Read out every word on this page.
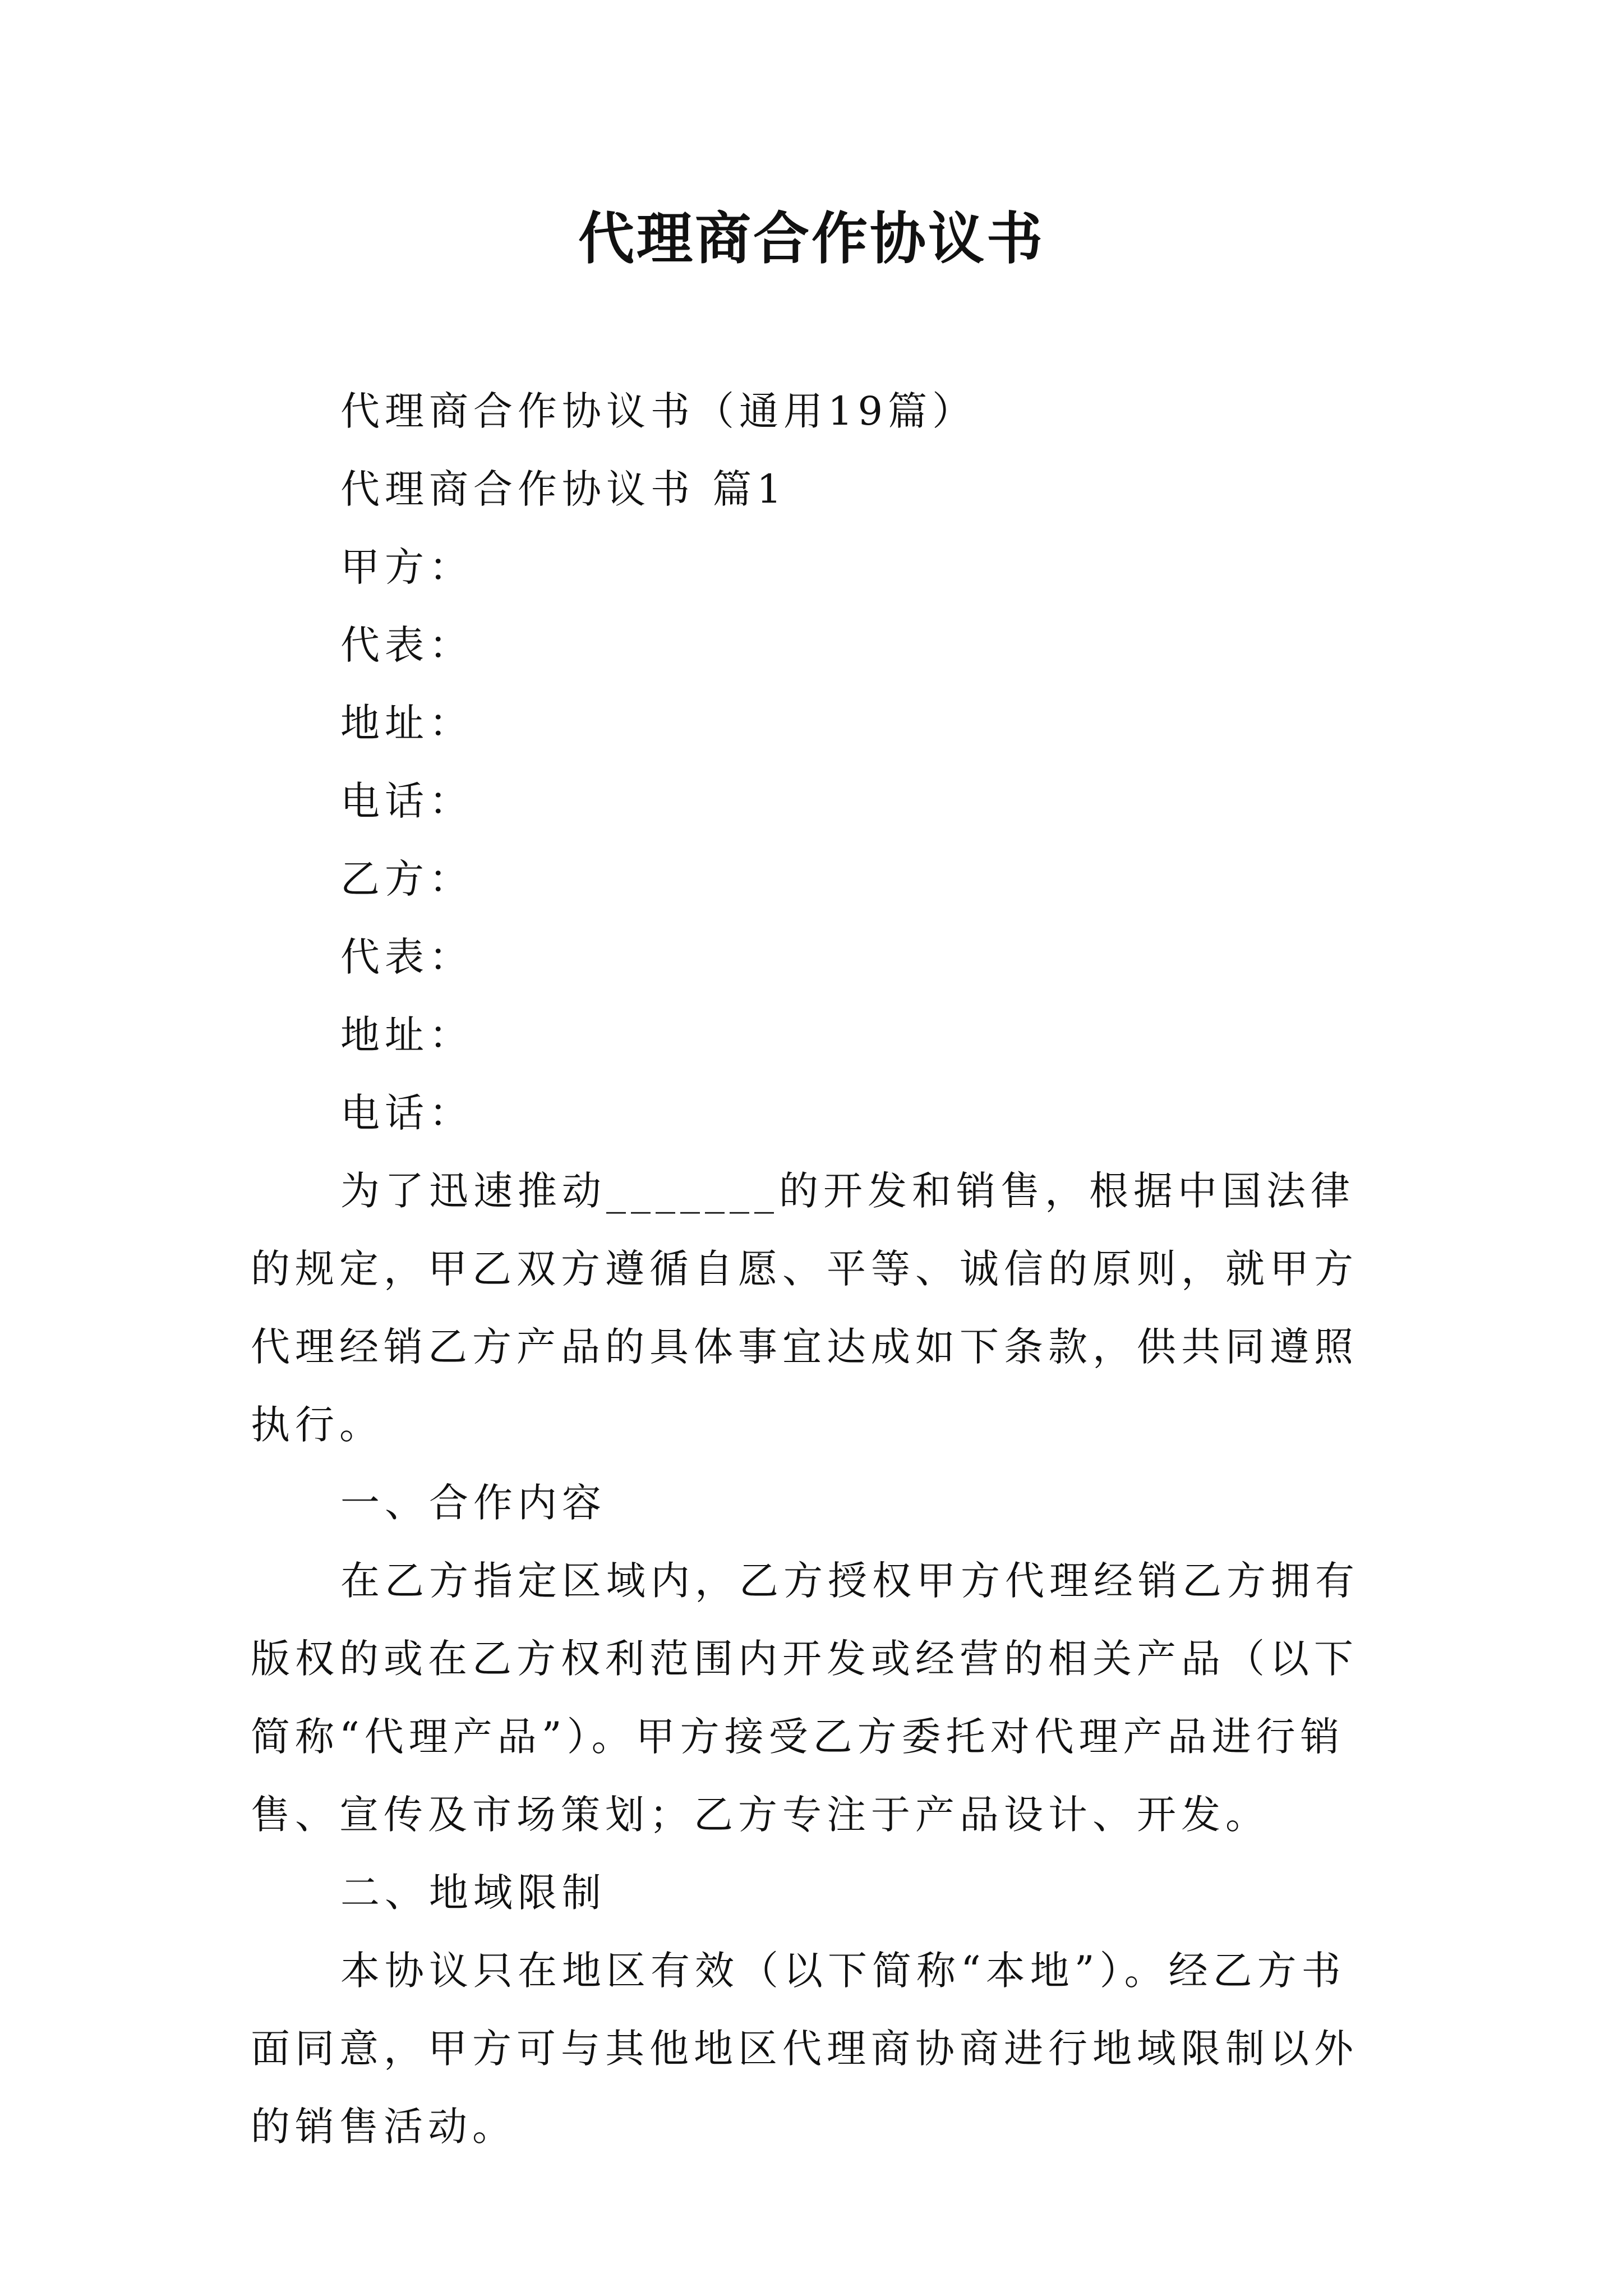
代理商合作协议书

代理商合作协议书（通用19篇）

代理商合作协议书 篇1

甲方：

代表：

地址：

电话：

乙方：

代表：

地址：

电话：

为了迅速推动_______的开发和销售，根据中国法律的规定，甲乙双方遵循自愿、平等、诚信的原则，就甲方代理经销乙方产品的具体事宜达成如下条款，供共同遵照执行。

一、合作内容

在乙方指定区域内，乙方授权甲方代理经销乙方拥有版权的或在乙方权利范围内开发或经营的相关产品（以下简称“代理产品”）。甲方接受乙方委托对代理产品进行销售、宣传及市场策划；乙方专注于产品设计、开发。

二、地域限制

本协议只在地区有效（以下简称“本地”）。经乙方书面同意，甲方可与其他地区代理商协商进行地域限制以外的销售活动。
